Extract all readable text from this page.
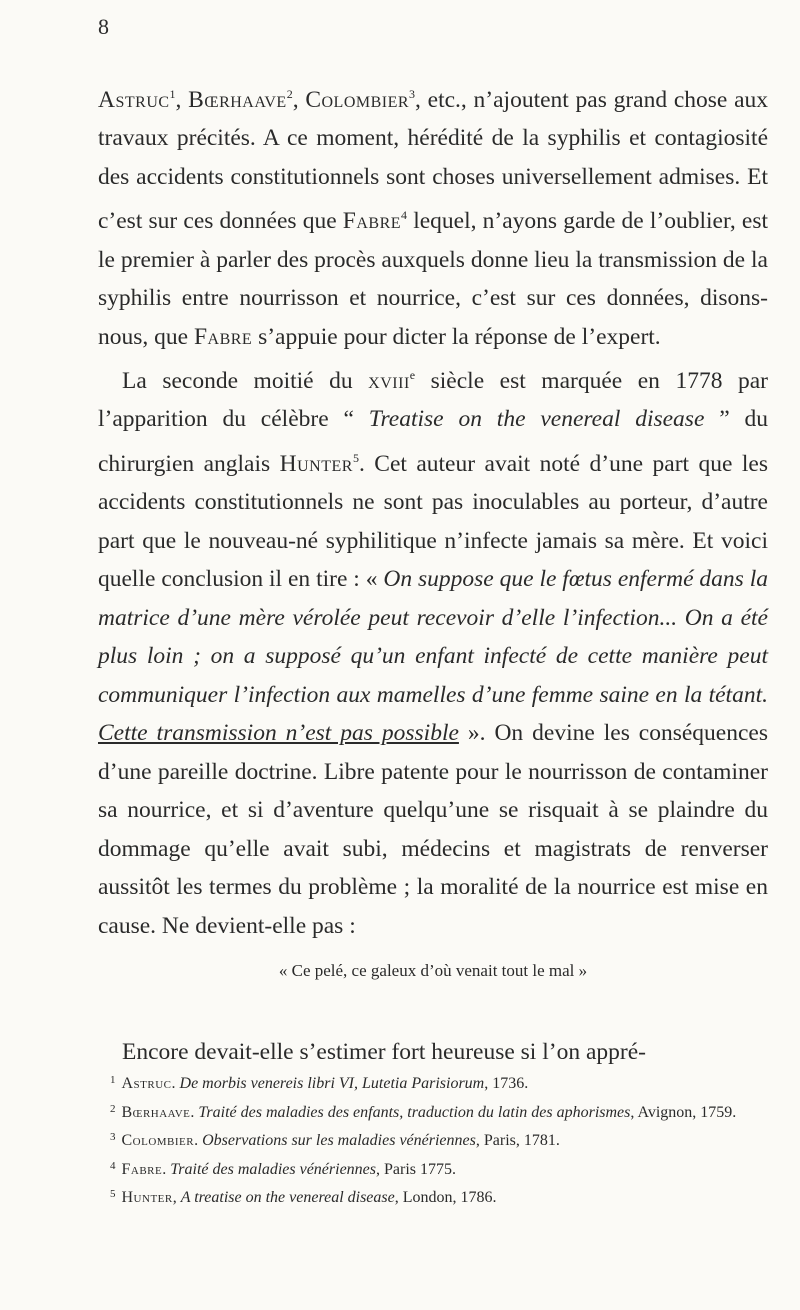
8

Astruc$^1$, Bœrhaave$^2$, Colombier$^3$, etc., n’ajoutent pas grand chose aux travaux précités. A ce moment, hérédité de la syphilis et contagiosité des accidents constitutionnels sont choses universellement admises. Et c’est sur ces données que Fabre$^4$ lequel, n’ayons garde de l’oublier, est le premier à parler des procès auxquels donne lieu la transmission de la syphilis entre nourrisson et nourrice, c’est sur ces données, disons-nous, que Fabre s’appuie pour dicter la réponse de l’expert.

La seconde moitié du xviii$^e$ siècle est marquée en 1778 par l’apparition du célèbre “ Treatise on the venereal disease ” du chirurgien anglais Hunter$^5$. Cet auteur avait noté d’une part que les accidents constitutionnels ne sont pas inoculables au porteur, d’autre part que le nouveau-né syphilitique n’infecte jamais sa mère. Et voici quelle conclusion il en tire : « On suppose que le fœtus enfermé dans la matrice d’une mère vérolée peut recevoir d’elle l’infection... On a été plus loin ; on a supposé qu’un enfant infecté de cette manière peut communiquer l’infection aux mamelles d’une femme saine en la tétant. Cette transmission n’est pas possible ». On devine les conséquences d’une pareille doctrine. Libre patente pour le nourrisson de contaminer sa nourrice, et si d’aventure quelqu’une se risquait à se plaindre du dommage qu’elle avait subi, médecins et magistrats de renverser aussitôt les termes du problème ; la moralité de la nourrice est mise en cause. Ne devient-elle pas :

« Ce pelé, ce galeux d’où venait tout le mal »

Encore devait-elle s’estimer fort heureuse si l’on appré-

$^1$ Astruc. De morbis venereis libri VI, Lutetia Parisiorum, 1736.

$^2$ Bœrhaave. Traité des maladies des enfants, traduction du latin des aphorismes, Avignon, 1759.

$^3$ Colombier. Observations sur les maladies vénériennes, Paris, 1781.

$^4$ Fabre. Traité des maladies vénériennes, Paris 1775.

$^5$ Hunter, A treatise on the venereal disease, London, 1786.
